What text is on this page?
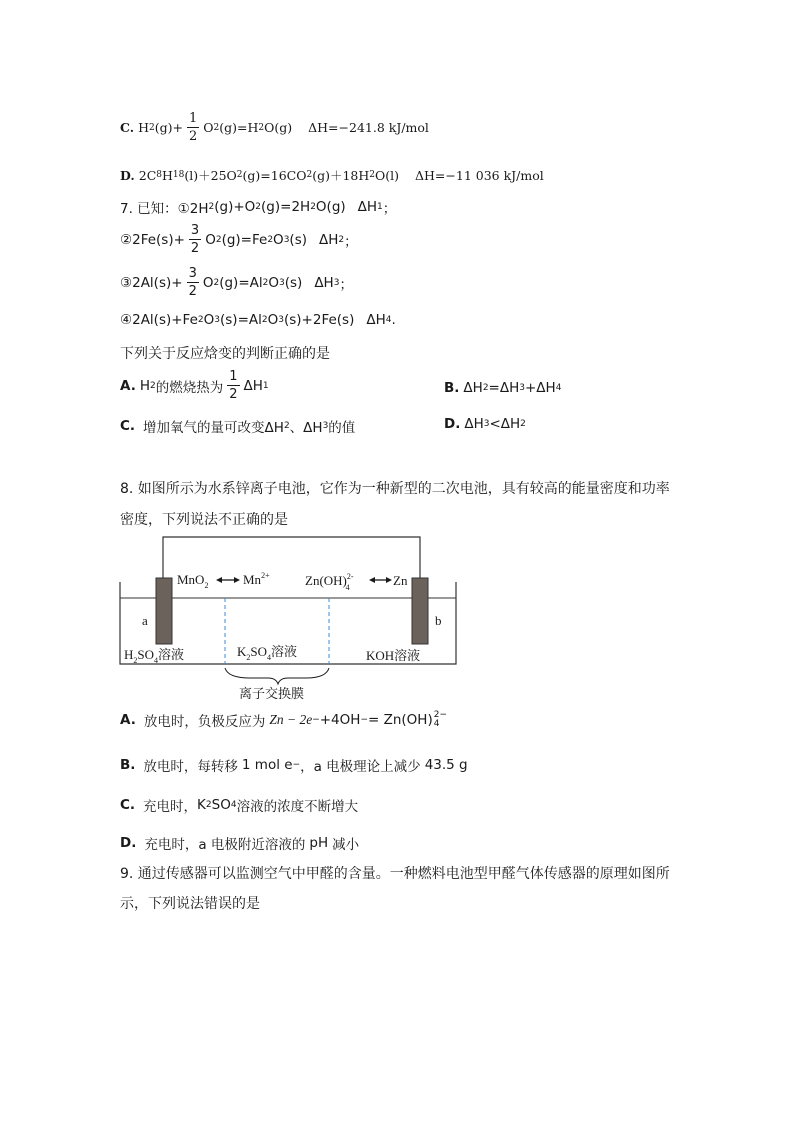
C. H 2 $(g)+ \frac{1}{2}$ O 2 (g)=H 2 O(g) ΔH=−241.8 kJ/mol
D. 2C 8 H 18 (l)＋25O 2 (g)=16CO 2 (g)＋18H 2 O(l) ΔH=−11 036 kJ/mol
7. 已知：①2H 2 (g)+O 2 (g)=2H 2 O(g) ΔH 1 ；
②2Fe(s)+ $\frac{3}{2}$ O 2 (g)=Fe 2 O 3 (s) ΔH 2 ；
③2Al(s)+ $\frac{3}{2}$ O 2 (g)=Al 2 O 3 (s) ΔH 3 ；
④2Al(s)+Fe 2 O 3 (s)=Al 2 O 3 (s)+2Fe(s) ΔH 4 .
下列关于反应焓变的判断正确的是
A. H 2 的燃烧热为 $\frac{1}{2}$ ΔH 1	B. ΔH 2 =ΔH 3 +ΔH 4
C. 增加氧气的量可改变ΔH 2 、ΔH 3 的值	D. ΔH 3 <ΔH 2
8. 如图所示为水系锌离子电池，它作为一种新型的二次电池，具有较高的能量密度和功率
密度，下列说法不正确的是
MnO$_2$	$Mn^{2+}$	Zn(OH)$^{2-}$4	Zn
a	b
$H_2SO_4$溶液	$K_2SO_4$溶液	KOH溶液
离子交换膜
A. 放电时，负极反应为 Zn − 2e − +4OH − = Zn (OH) 2−
4
B. 放电时，每转移 1 mol e − ，a 电极理论上减少 43.5 g
C. 充电时， K 2 SO 4 溶液的浓度不断增大
D. 充电时，a 电极附近溶液的 pH 减小
9. 通过传感器可以监测空气中甲醛的含量。一种燃料电池型甲醛气体传感器的原理如图所
示，下列说法错误的是
